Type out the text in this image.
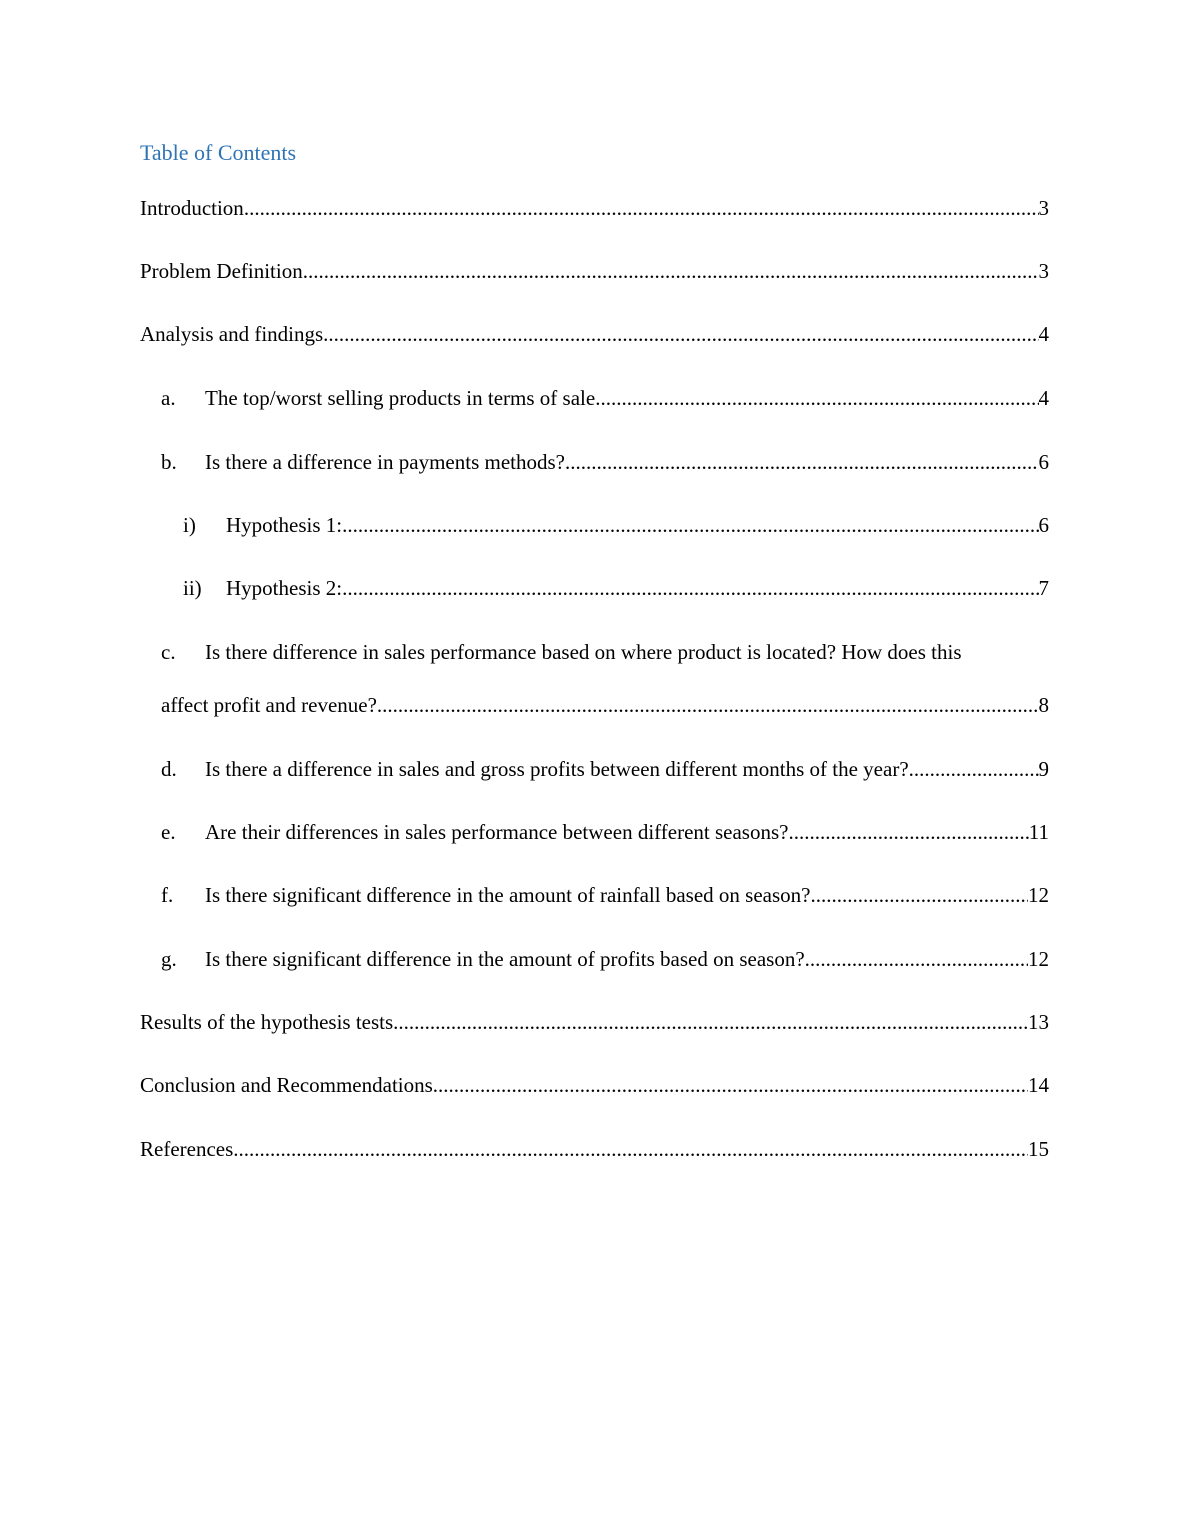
Table of Contents
Introduction .....	3
Problem Definition .....	3
Analysis and findings .....	4
a.	The top/worst selling products in terms of sale .....	4
b.	Is there a difference in payments methods? .....	6
i)	Hypothesis 1: .....	6
ii)	Hypothesis 2: .....	7
c. Is there difference in sales performance based on where product is located? How does this
affect profit and revenue? .....	8
d.	Is there a difference in sales and gross profits between different months of the year? .....	9
e.	Are their differences in sales performance between different seasons? .....	11
f.	Is there significant difference in the amount of rainfall based on season? .....	12
g.	Is there significant difference in the amount of profits based on season? .....	12
Results of the hypothesis tests .....	13
Conclusion and Recommendations .....	14
References .....	15
